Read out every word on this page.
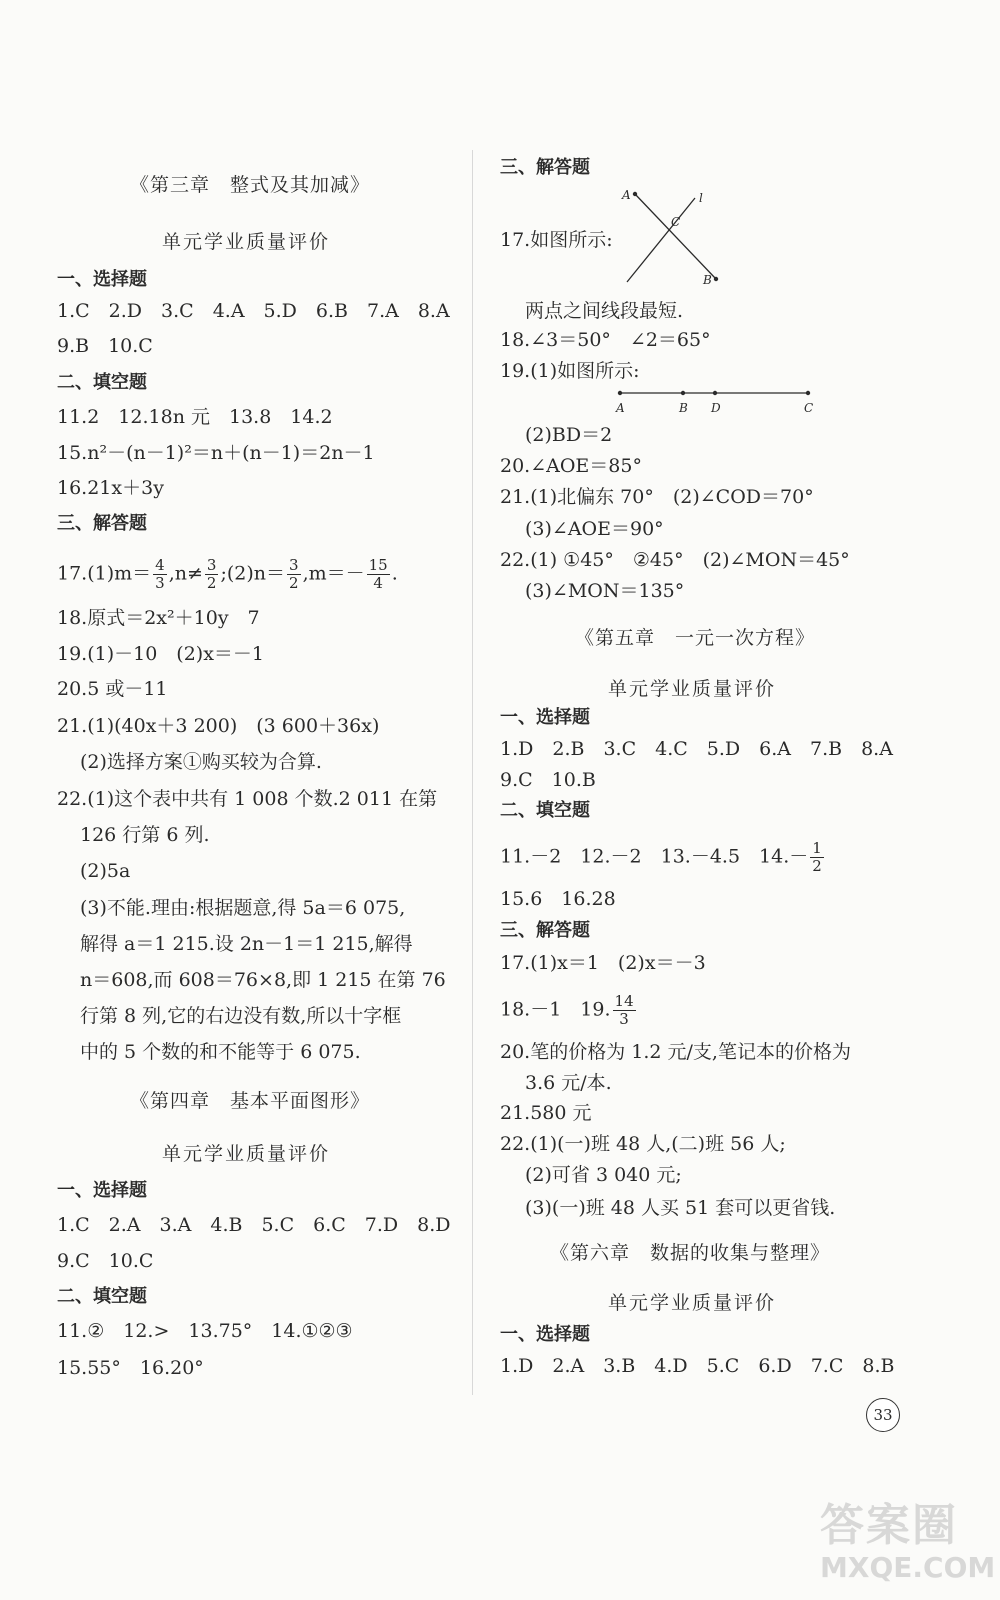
《第三章　整式及其加减》
单元学业质量评价
一、选择题
1.C　2.D　3.C　4.A　5.D　6.B　7.A　8.A
9.B　10.C
二、填空题
11.2　12.18n 元　13.8　14.2
15.n²－(n－1)²＝n＋(n－1)＝2n－1
16.21x＋3y
三、解答题
$17.(1)m= \frac{4}{3} ,n\ne \frac{3}{2}$ ;(2)n＝ $\frac{3}{2} ,m=- \frac{15}{4}$ .
18.原式＝2x²＋10y　7
19.(1)－10　(2)x＝－1
20.5 或－11
21.(1)(40x＋3 200)　(3 600＋36x)
(2)选择方案①购买较为合算.
22.(1)这个表中共有 1 008 个数.2 011 在第
126 行第 6 列.
(2)5a
(3)不能.理由:根据题意,得 5a＝6 075,
解得 a＝1 215.设 2n－1＝1 215,解得
n＝608,而 608＝76×8,即 1 215 在第 76
行第 8 列,它的右边没有数,所以十字框
中的 5 个数的和不能等于 6 075.
《第四章　基本平面图形》
单元学业质量评价
一、选择题
1.C　2.A　3.A　4.B　5.C　6.C　7.D　8.D
9.C　10.C
二、填空题
11.②　12.>　13.75°　14.①②③
15.55°　16.20°
三、解答题
17.如图所示:
A	l
C
B
两点之间线段最短.
18.∠3＝50°　∠2＝65°
19.(1)如图所示:
A	B D	C
(2)BD＝2
20.∠AOE＝85°
21.(1)北偏东 70°　(2)∠COD＝70°
(3)∠AOE＝90°
22.(1) ①45°　②45°　(2)∠MON＝45°
(3)∠MON＝135°
《第五章　一元一次方程》
单元学业质量评价
一、选择题
1.D　2.B　3.C　4.C　5.D　6.A　7.B　8.A
9.C　10.B
二、填空题
11.－2　12.－2　13.－4.5　$14.- \frac{1}{2}$
15.6　16.28
三、解答题
17.(1)x＝1　(2)x＝－3
18.－1　19. $\frac{14}{3}$
20.笔的价格为 1.2 元/支,笔记本的价格为
3.6 元/本.
21.580 元
22.(1)(一)班 48 人,(二)班 56 人;
(2)可省 3 040 元;
(3)(一)班 48 人买 51 套可以更省钱.
《第六章　数据的收集与整理》
单元学业质量评价
一、选择题
1.D　2.A　3.B　4.D　5.C　6.D　7.C　8.B
33
答案圈
MXQE.COM
